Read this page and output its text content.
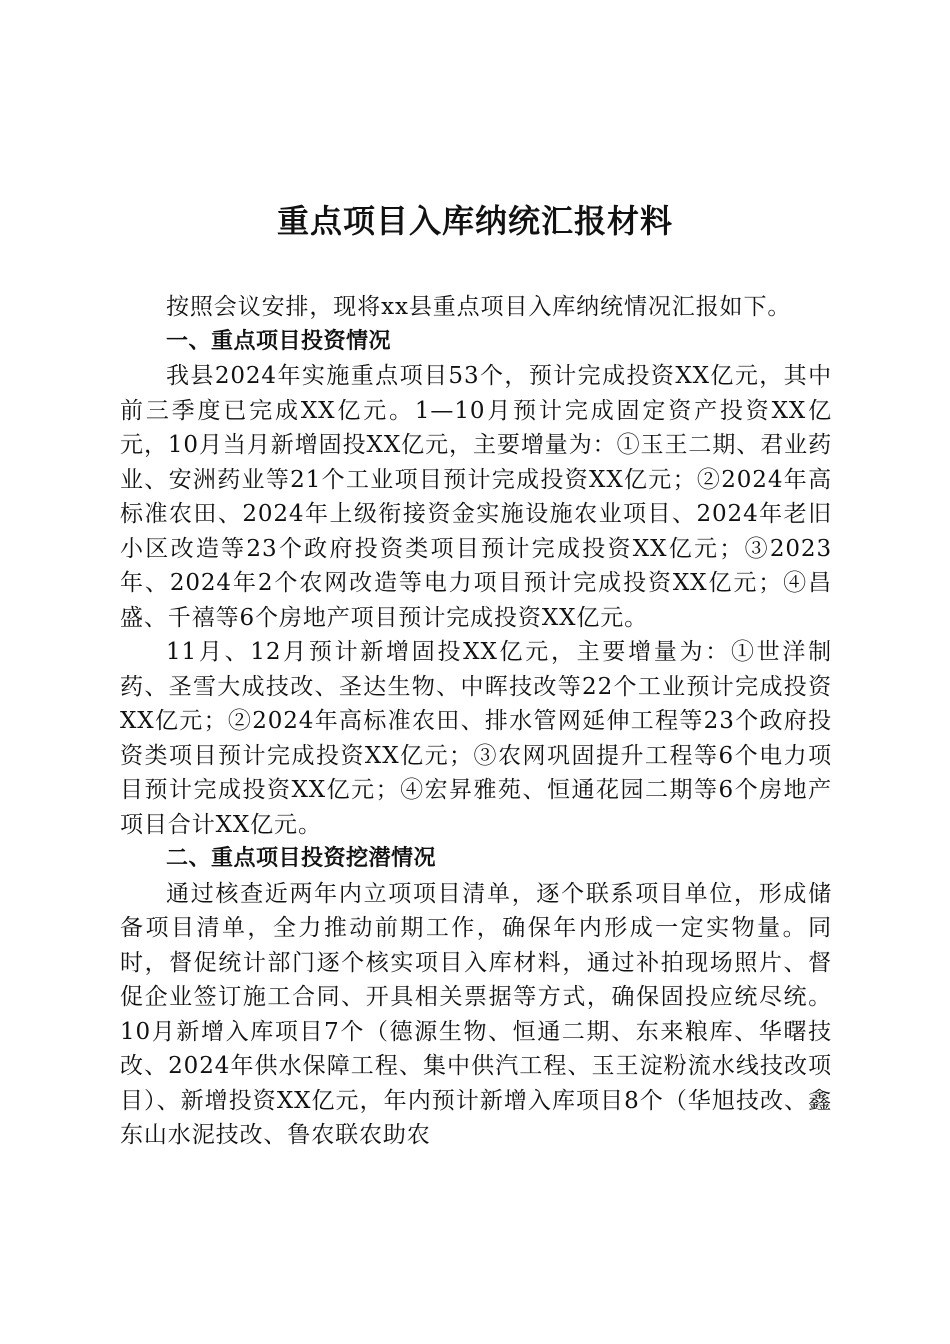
重点项目入库纳统汇报材料

按照会议安排，现将xx县重点项目入库纳统情况汇报如下。

一、重点项目投资情况

我县2024年实施重点项目53个，预计完成投资XX亿元，其中前三季度已完成XX亿元。1—10月预计完成固定资产投资XX亿元，10月当月新增固投XX亿元，主要增量为：①玉王二期、君业药业、安洲药业等21个工业项目预计完成投资XX亿元；②2024年高标准农田、2024年上级衔接资金实施设施农业项目、2024年老旧小区改造等23个政府投资类项目预计完成投资XX亿元；③2023年、2024年2个农网改造等电力项目预计完成投资XX亿元；④昌盛、千禧等6个房地产项目预计完成投资XX亿元。

11月、12月预计新增固投XX亿元，主要增量为：①世洋制药、圣雪大成技改、圣达生物、中晖技改等22个工业预计完成投资XX亿元；②2024年高标准农田、排水管网延伸工程等23个政府投资类项目预计完成投资XX亿元；③农网巩固提升工程等6个电力项目预计完成投资XX亿元；④宏昇雅苑、恒通花园二期等6个房地产项目合计XX亿元。

二、重点项目投资挖潜情况

通过核查近两年内立项项目清单，逐个联系项目单位，形成储备项目清单，全力推动前期工作，确保年内形成一定实物量。同时，督促统计部门逐个核实项目入库材料，通过补拍现场照片、督促企业签订施工合同、开具相关票据等方式，确保固投应统尽统。10月新增入库项目7个（德源生物、恒通二期、东来粮库、华曙技改、2024年供水保障工程、集中供汽工程、玉王淀粉流水线技改项目）、新增投资XX亿元，年内预计新增入库项目8个（华旭技改、鑫东山水泥技改、鲁农联农助农
